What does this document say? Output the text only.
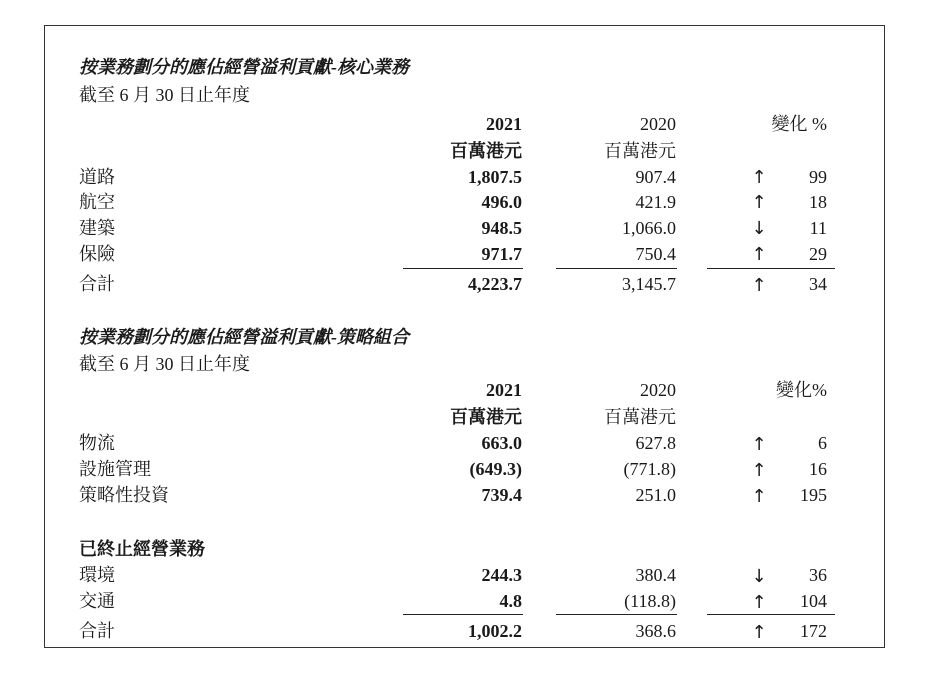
按業務劃分的應佔經營溢利貢獻-核心業務
截至 6 月 30 日止年度
2021	2020	變化 %
百萬港元	百萬港元
道路	1,807.5	907.4	↑	99
航空	496.0	421.9	↑	18
建築	948.5	1,066.0	↓	11
保險	971.7	750.4	↑	29
合計	4,223.7	3,145.7	↑	34
按業務劃分的應佔經營溢利貢獻-策略組合
截至 6 月 30 日止年度
2021	2020	變化%
百萬港元	百萬港元
物流	663.0	627.8	↑	6
設施管理	(649.3)	(771.8)	↑	16
策略性投資	739.4	251.0	↑	195
已終止經營業務
環境	244.3	380.4	↓	36
交通	4.8	(118.8)	↑	104
合計	1,002.2	368.6	↑	172
